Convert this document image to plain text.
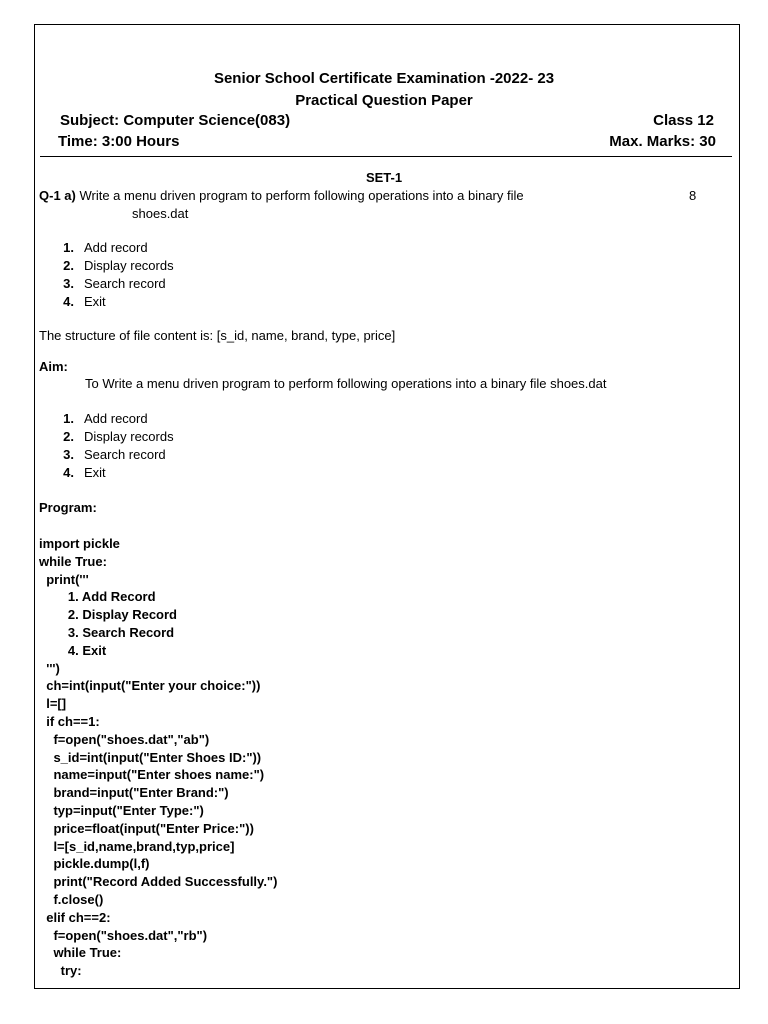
Senior School Certificate Examination -2022- 23
Practical Question Paper
Subject: Computer Science(083)	Class 12
Time: 3:00 Hours	Max. Marks: 30
SET-1
Q-1 a) Write a menu driven program to perform following operations into a binary file	8
shoes.dat
1. Add record
2. Display records
3. Search record
4. Exit
The structure of file content is: [s_id, name, brand, type, price]
Aim:
To Write a menu driven program to perform following operations into a binary file shoes.dat
1. Add record
2. Display records
3. Search record
4. Exit
Program:
import pickle
while True:
print('''
1. Add Record
2. Display Record
3. Search Record
4. Exit
''')
ch=int(input("Enter your choice:"))
l=[]
if ch==1:
f=open("shoes.dat","ab")
s_id=int(input("Enter Shoes ID:"))
name=input("Enter shoes name:")
brand=input("Enter Brand:")
typ=input("Enter Type:")
price=float(input("Enter Price:"))
l=[s_id,name,brand,typ,price]
pickle.dump(l,f)
print("Record Added Successfully.")
f.close()
elif ch==2:
f=open("shoes.dat","rb")
while True:
try:
